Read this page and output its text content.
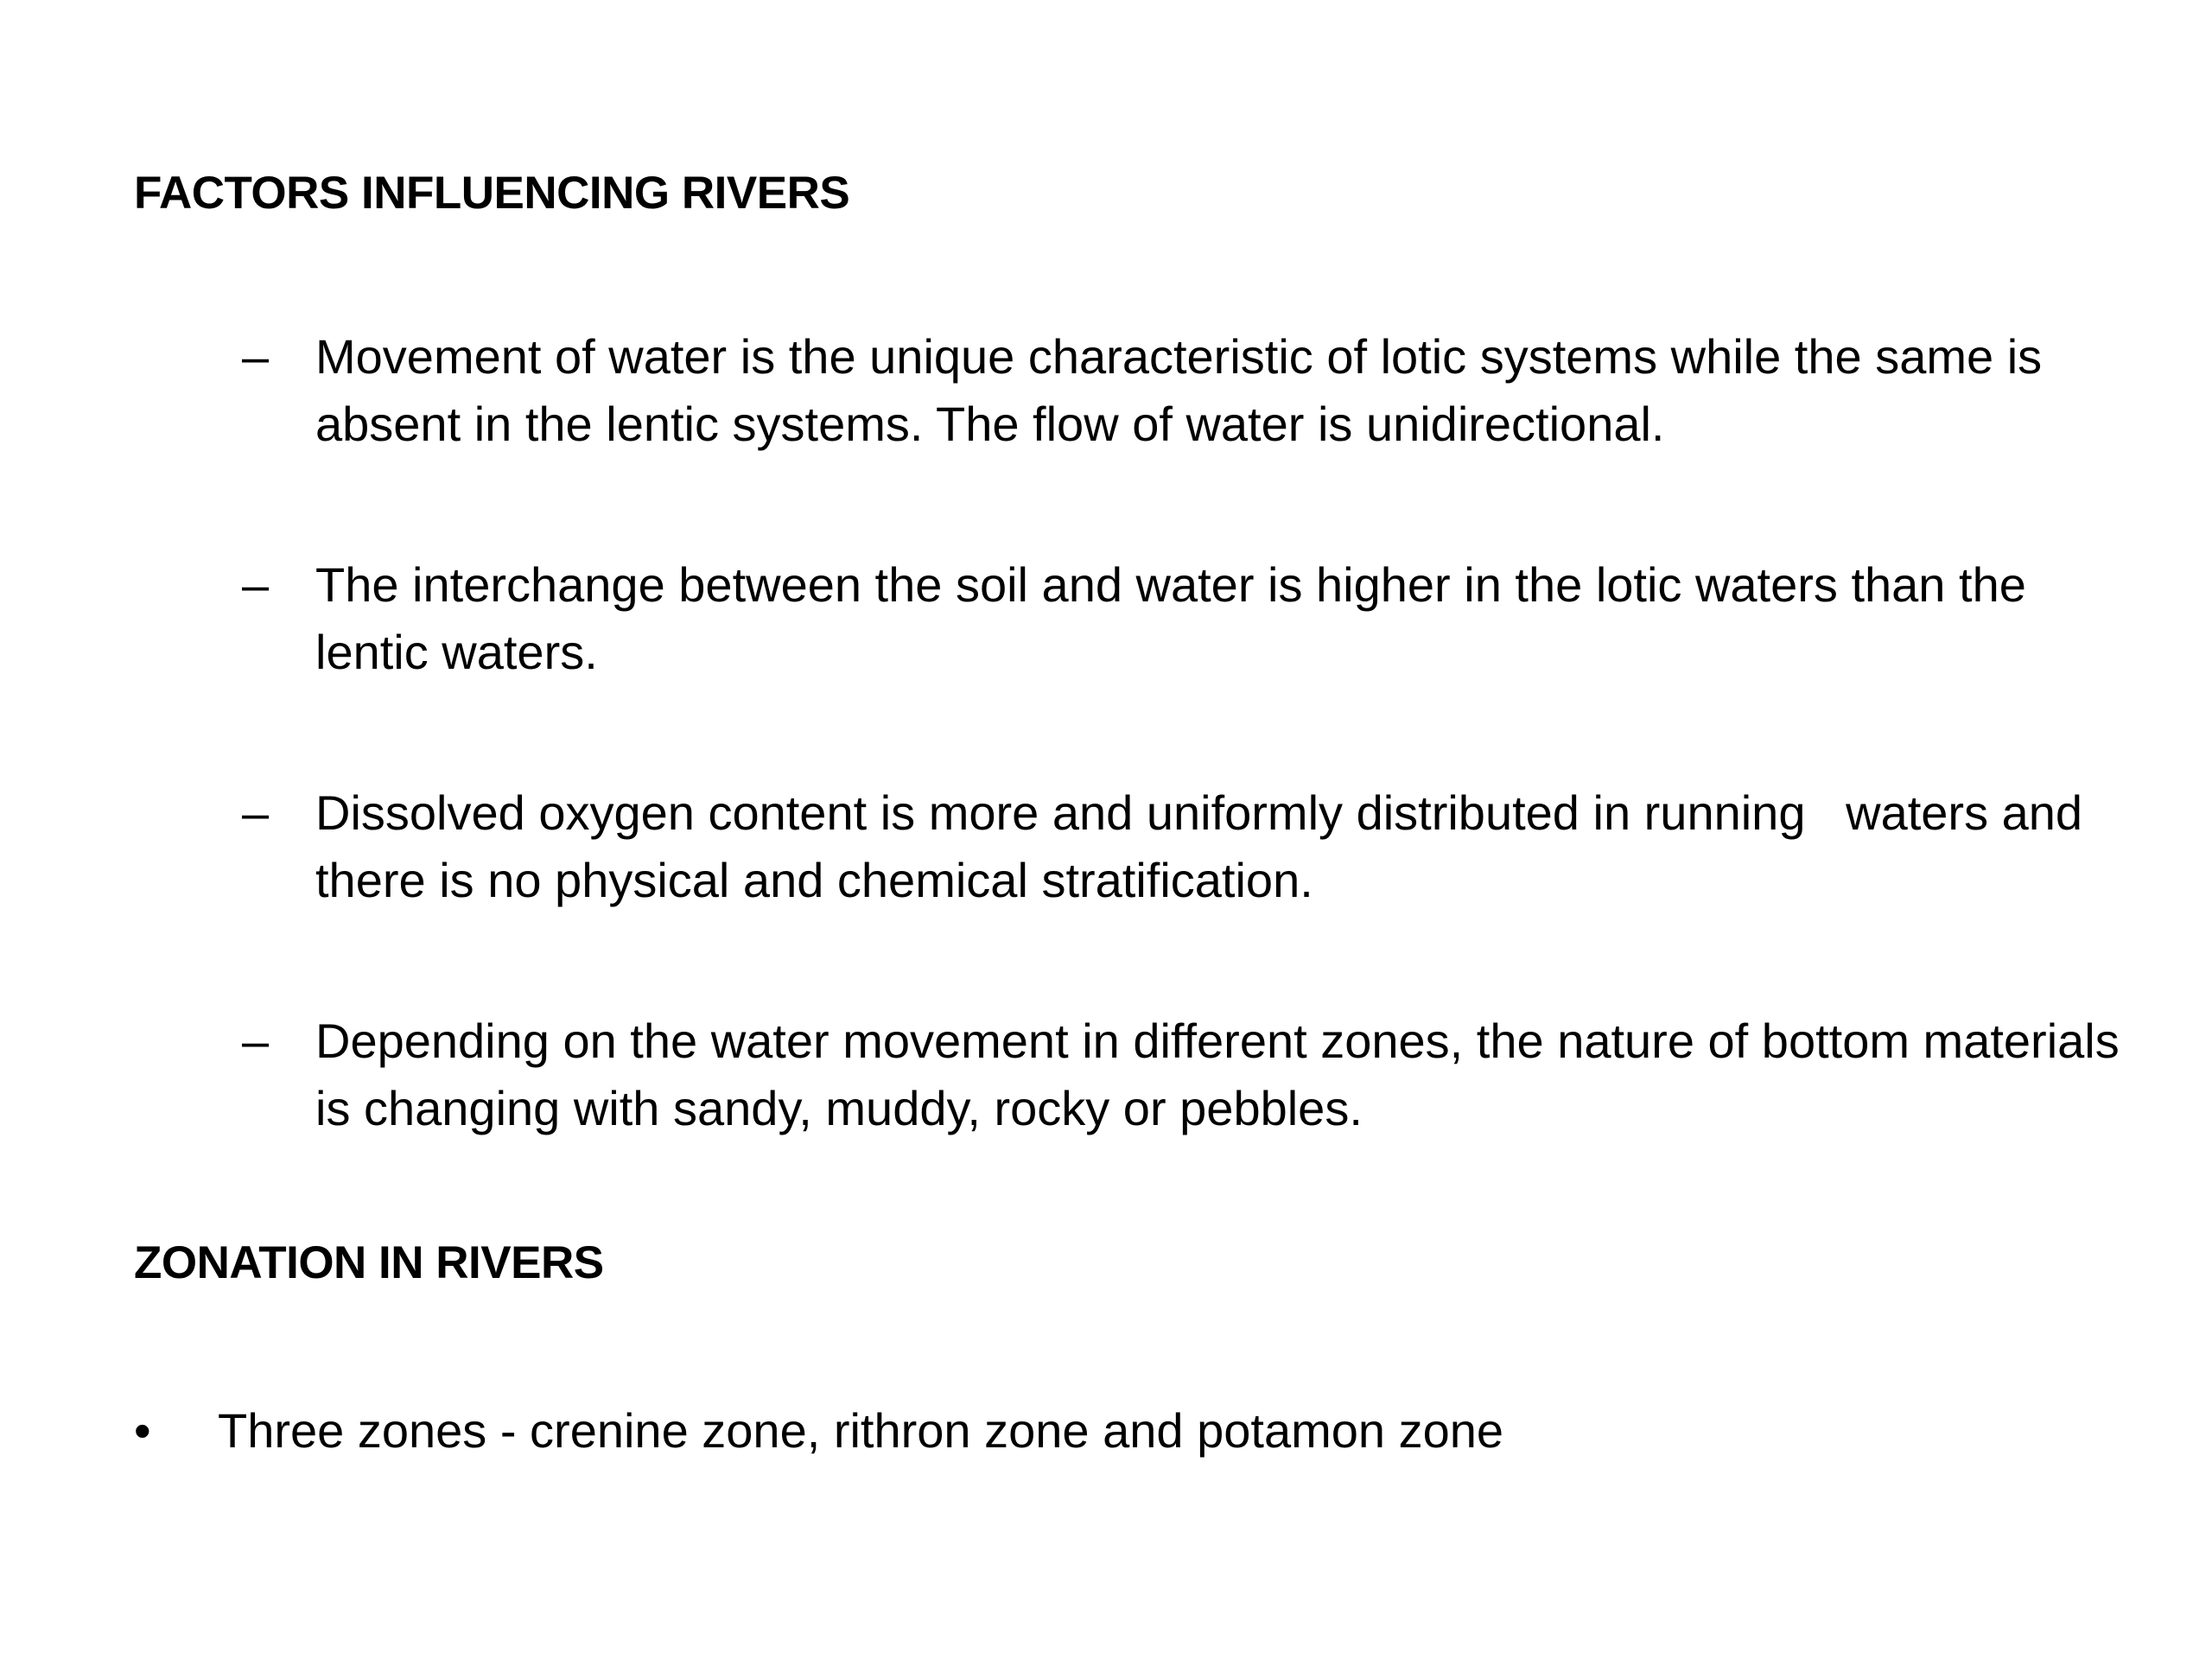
FACTORS INFLUENCING RIVERS
– Movement of water is the unique characteristic of lotic systems while the same is absent in the lentic systems. The flow of water is unidirectional.
– The interchange between the soil and water is higher in the lotic waters than the lentic waters.
– Dissolved oxygen content is more and uniformly distributed in running   waters and there is no physical and chemical stratification.
– Depending on the water movement in different zones, the nature of bottom materials is changing with sandy, muddy, rocky or pebbles.
ZONATION IN RIVERS
• Three zones - crenine zone, rithron zone and potamon zone
